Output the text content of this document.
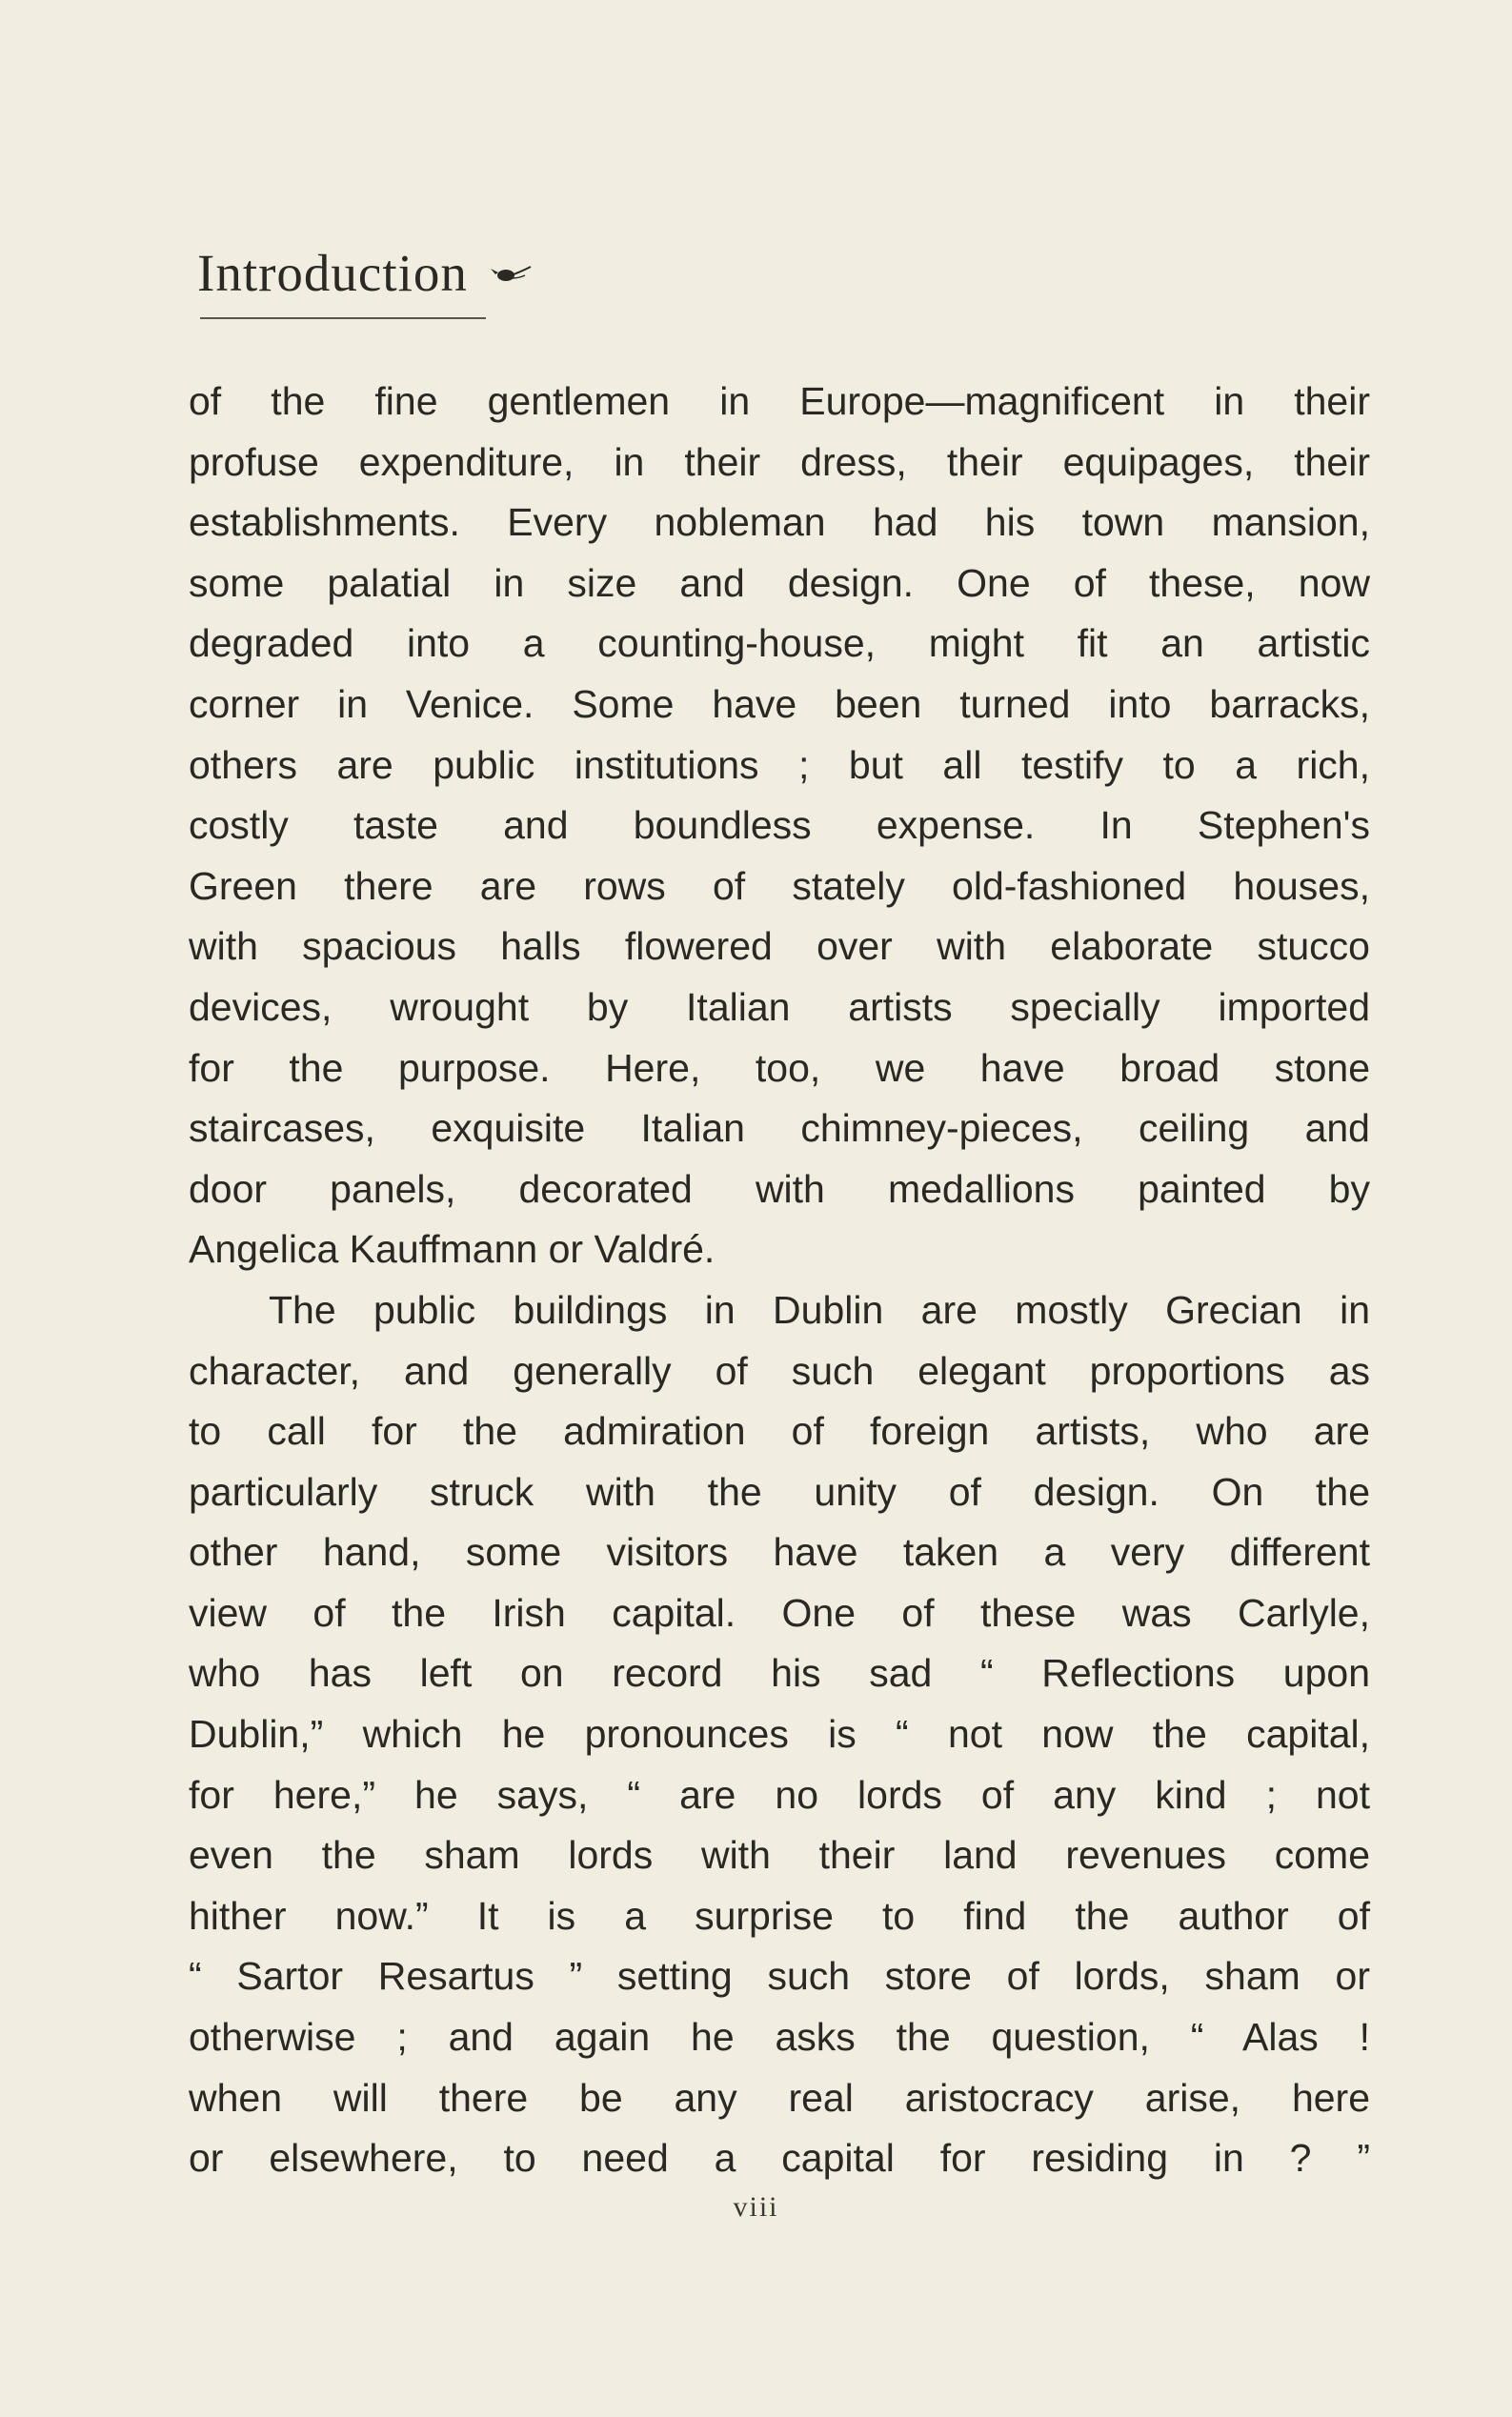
Introduction
of the fine gentlemen in Europe—magnificent in their
profuse expenditure, in their dress, their equipages, their
establishments. Every nobleman had his town mansion,
some palatial in size and design. One of these, now
degraded into a counting-house, might fit an artistic
corner in Venice. Some have been turned into barracks,
others are public institutions ; but all testify to a rich,
costly taste and boundless expense. In Stephen's
Green there are rows of stately old-fashioned houses,
with spacious halls flowered over with elaborate stucco
devices, wrought by Italian artists specially imported
for the purpose. Here, too, we have broad stone
staircases, exquisite Italian chimney-pieces, ceiling and
door panels, decorated with medallions painted by
Angelica Kauffmann or Valdré.
The public buildings in Dublin are mostly Grecian in
character, and generally of such elegant proportions as
to call for the admiration of foreign artists, who are
particularly struck with the unity of design. On the
other hand, some visitors have taken a very different
view of the Irish capital. One of these was Carlyle,
who has left on record his sad “ Reflections upon
Dublin,” which he pronounces is “ not now the capital,
for here,” he says, “ are no lords of any kind ; not
even the sham lords with their land revenues come
hither now.” It is a surprise to find the author of
“ Sartor Resartus ” setting such store of lords, sham or
otherwise ; and again he asks the question, “ Alas !
when will there be any real aristocracy arise, here
or elsewhere, to need a capital for residing in ? ”
viii
